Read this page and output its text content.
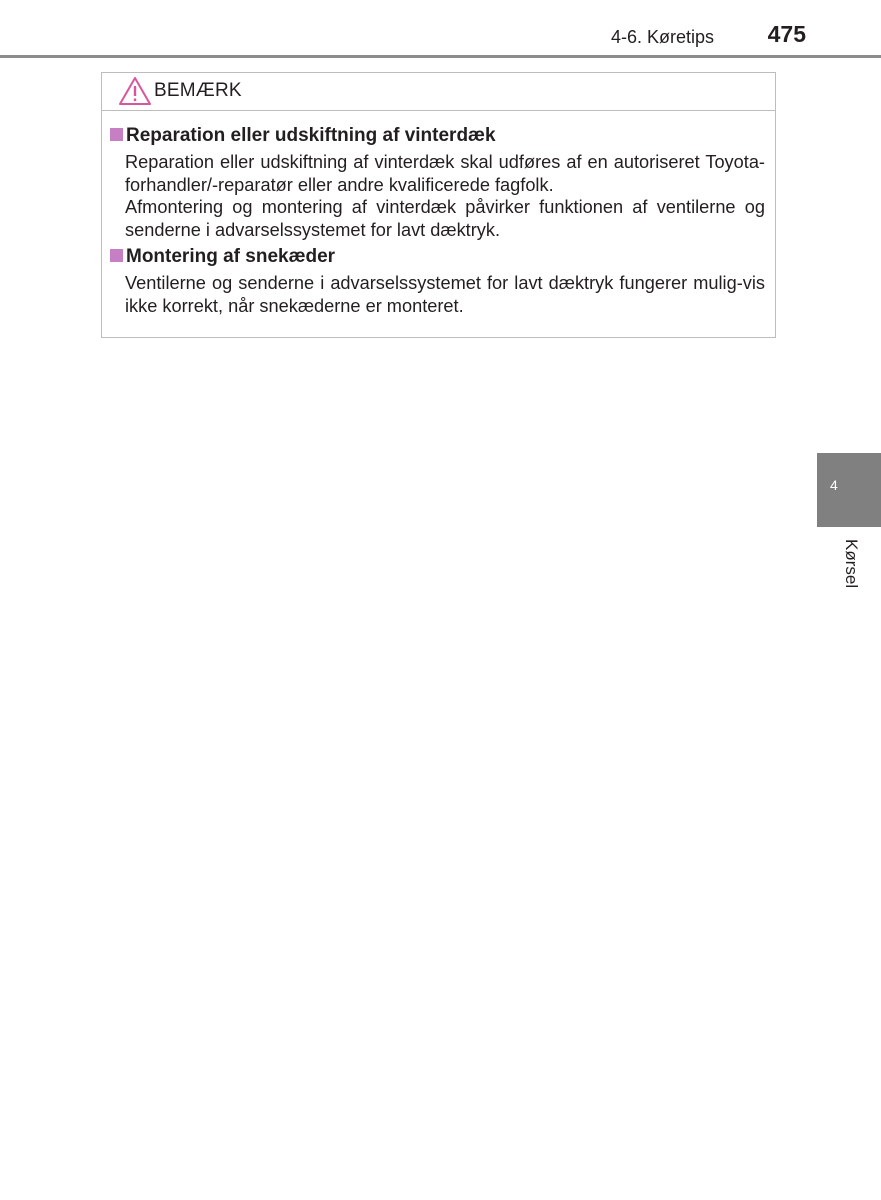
4-6. Køretips 475
BEMÆRK
Reparation eller udskiftning af vinterdæk

Reparation eller udskiftning af vinterdæk skal udføres af en autoriseret Toyota-forhandler/-reparatør eller andre kvalificerede fagfolk.

Afmontering og montering af vinterdæk påvirker funktionen af ventilerne og senderne i advarselssystemet for lavt dæktryk.

Montering af snekæder

Ventilerne og senderne i advarselssystemet for lavt dæktryk fungerer mulig-vis ikke korrekt, når snekæderne er monteret.

4
Kørsel
